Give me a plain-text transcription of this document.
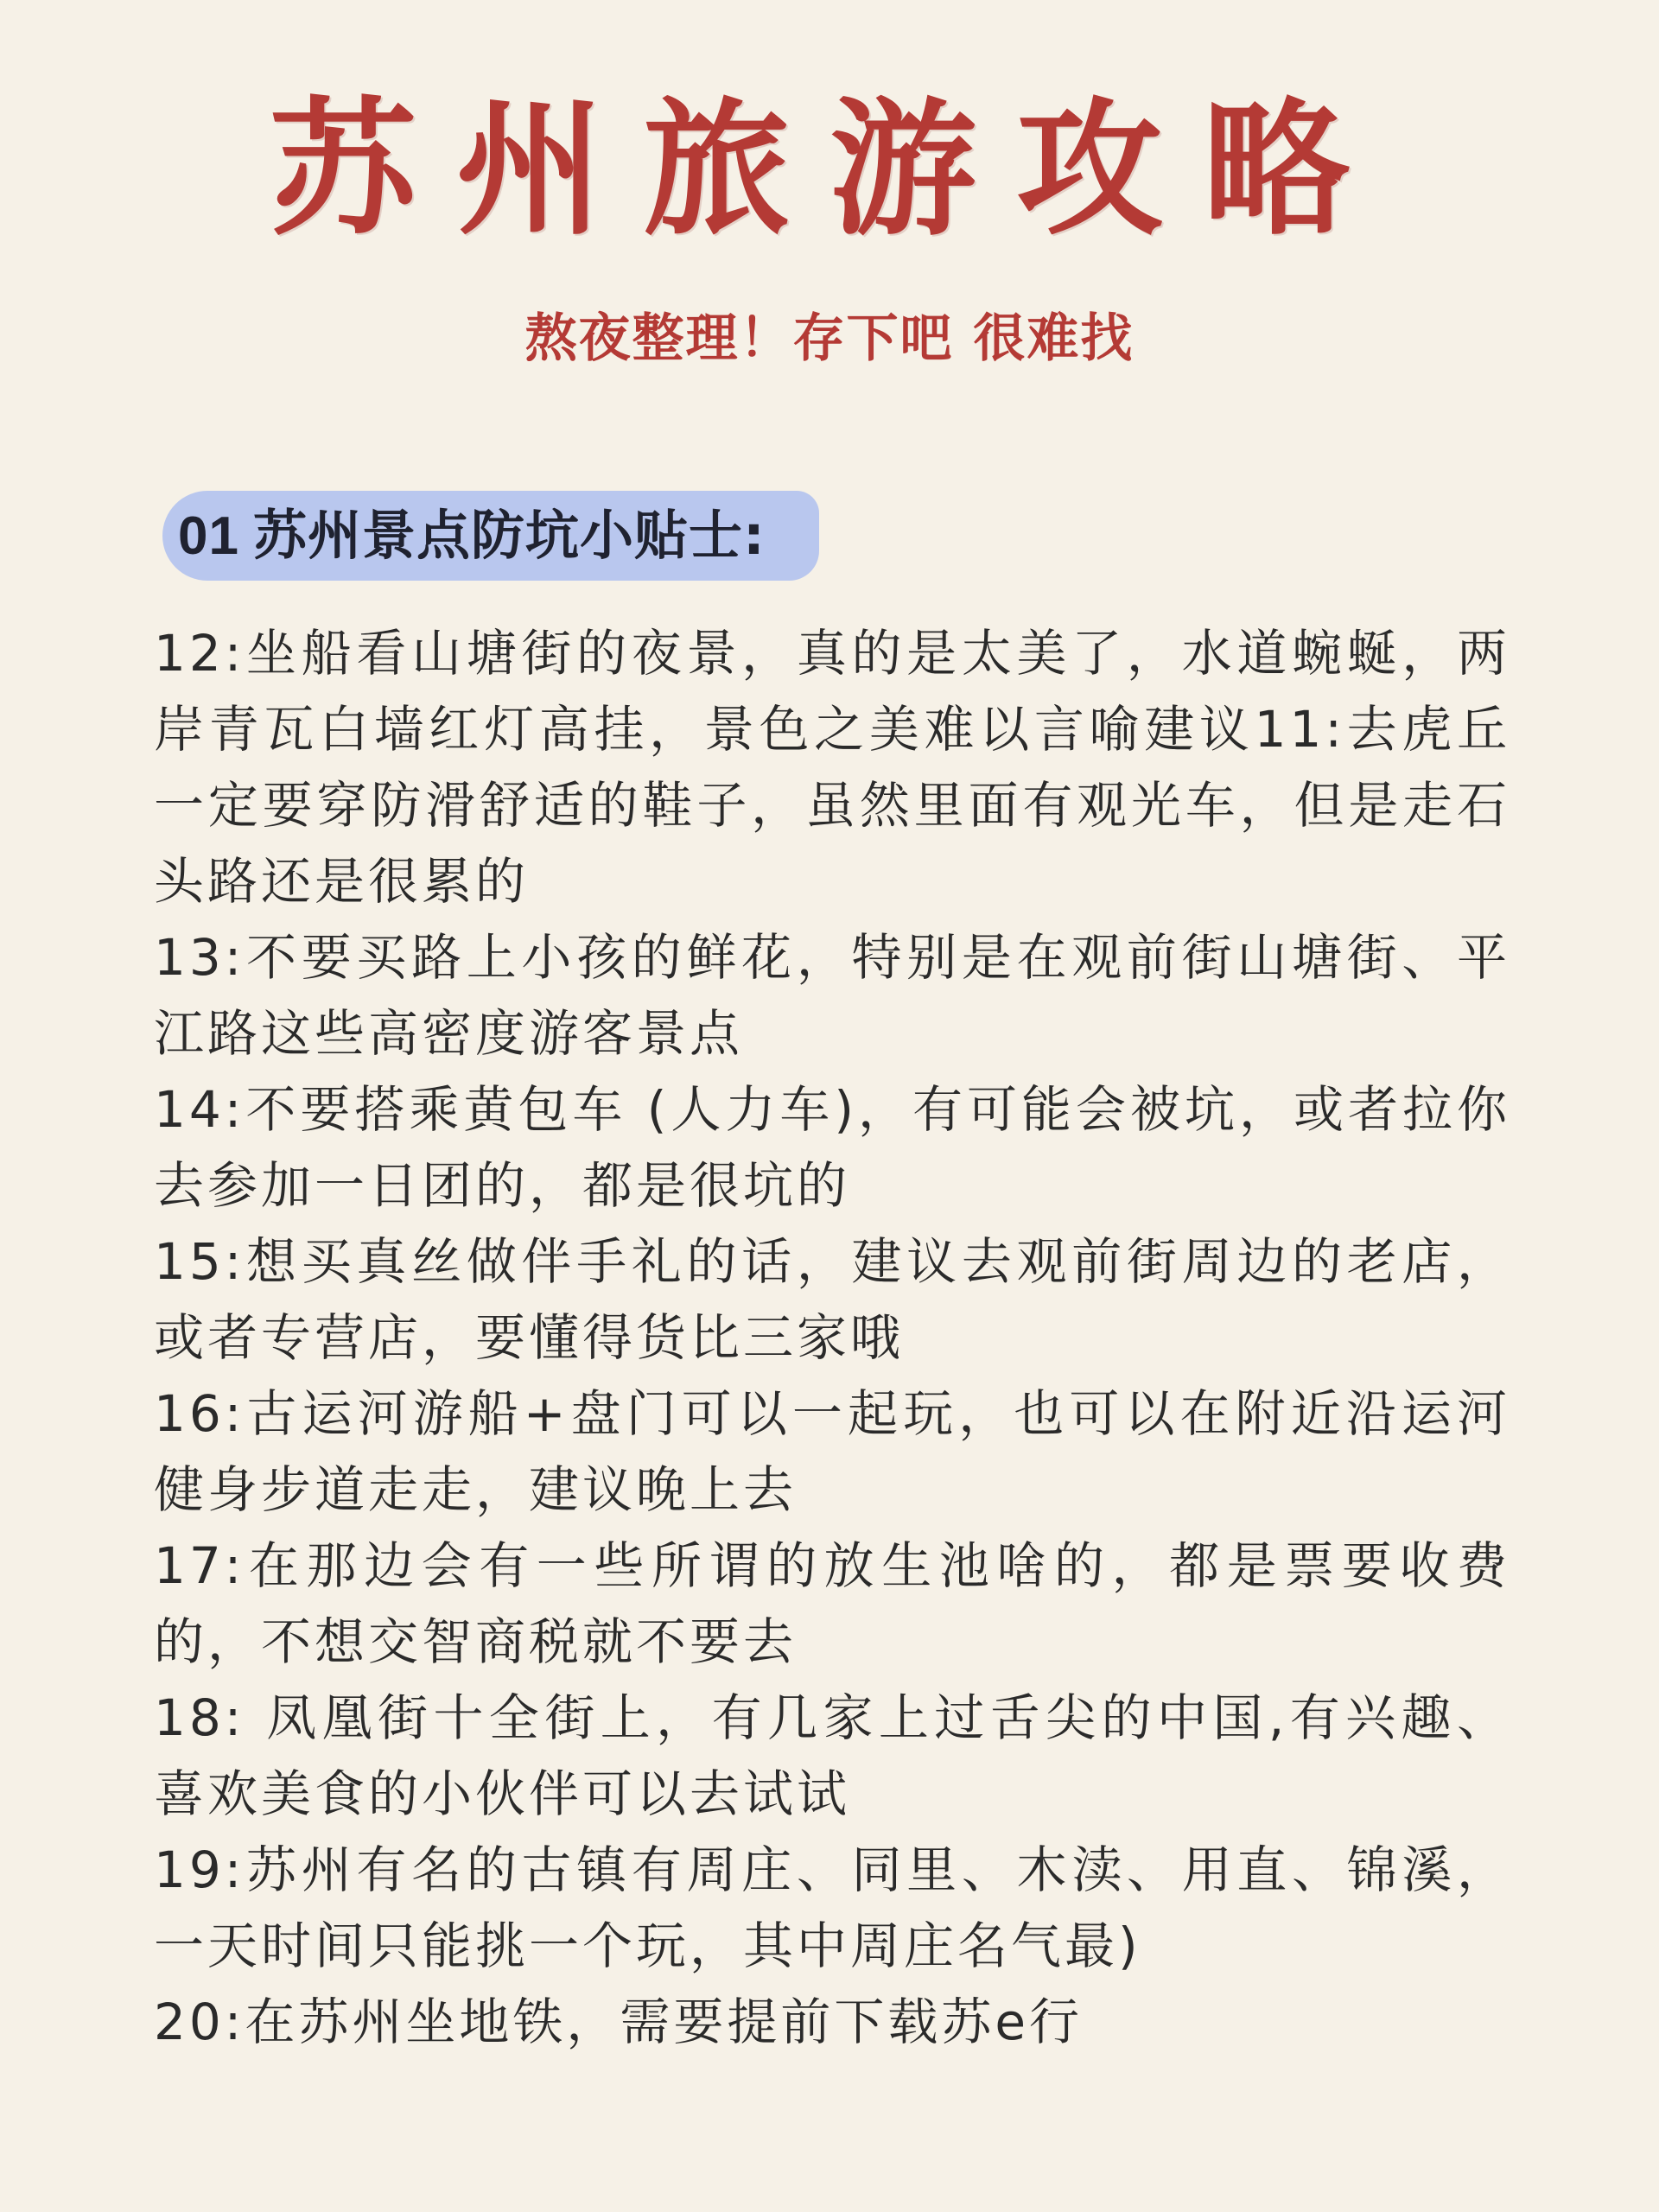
苏州旅游攻略
熬夜整理！存下吧 很难找
01 苏州景点防坑小贴士:
12:坐船看山塘街的夜景，真的是太美了，水道蜿蜒，两岸青瓦白墙红灯高挂，景色之美难以言喻建议11:去虎丘一定要穿防滑舒适的鞋子，虽然里面有观光车，但是走石头路还是很累的
13:不要买路上小孩的鲜花，特别是在观前街山塘街、平江路这些高密度游客景点
14:不要搭乘黄包车 (人力车)，有可能会被坑，或者拉你去参加一日团的，都是很坑的
15:想买真丝做伴手礼的话，建议去观前街周边的老店，或者专营店，要懂得货比三家哦
16:古运河游船+盘门可以一起玩，也可以在附近沿运河健身步道走走，建议晚上去
17:在那边会有一些所谓的放生池啥的，都是票要收费的，不想交智商税就不要去
18: 凤凰街十全街上，有几家上过舌尖的中国,有兴趣、喜欢美食的小伙伴可以去试试
19:苏州有名的古镇有周庄、同里、木渎、用直、锦溪，一天时间只能挑一个玩，其中周庄名气最)
20:在苏州坐地铁，需要提前下载苏e行
